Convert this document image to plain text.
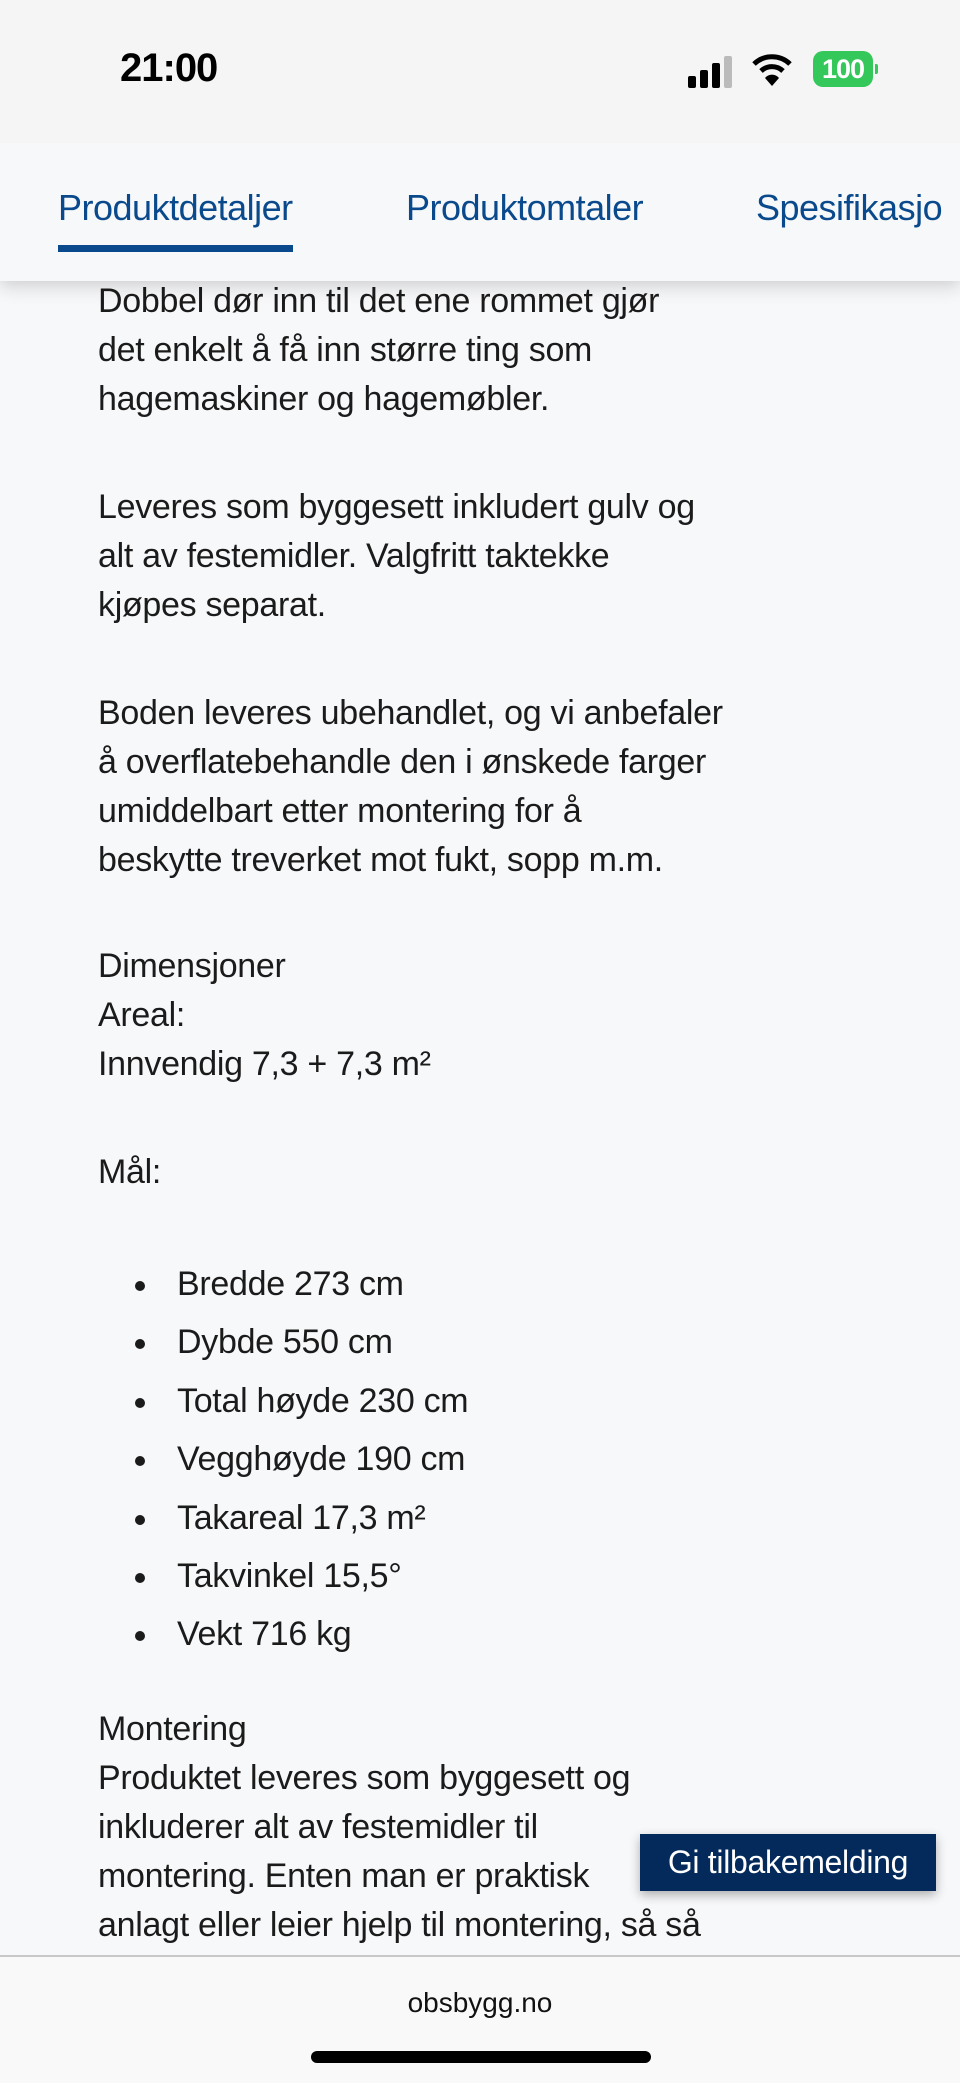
21:00	100
Produktdetaljer	Produktomtaler	Spesifikasjo
Dobbel dør inn til det ene rommet gjør
det enkelt å få inn større ting som
hagemaskiner og hagemøbler.
Leveres som byggesett inkludert gulv og
alt av festemidler. Valgfritt taktekke
kjøpes separat.
Boden leveres ubehandlet, og vi anbefaler
å overflatebehandle den i ønskede farger
umiddelbart etter montering for å
beskytte treverket mot fukt, sopp m.m.
Dimensjoner
Areal:
Innvendig 7,3 + 7,3 m²
Mål:
Bredde 273 cm
Dybde 550 cm
Total høyde 230 cm
Vegghøyde 190 cm
Takareal 17,3 m²
Takvinkel 15,5°
Vekt 716 kg
Montering
Produktet leveres som byggesett og
inkluderer alt av festemidler til
montering. Enten man er praktisk
anlagt eller leier hjelp til montering, så så
Gi tilbakemelding
obsbygg.no
